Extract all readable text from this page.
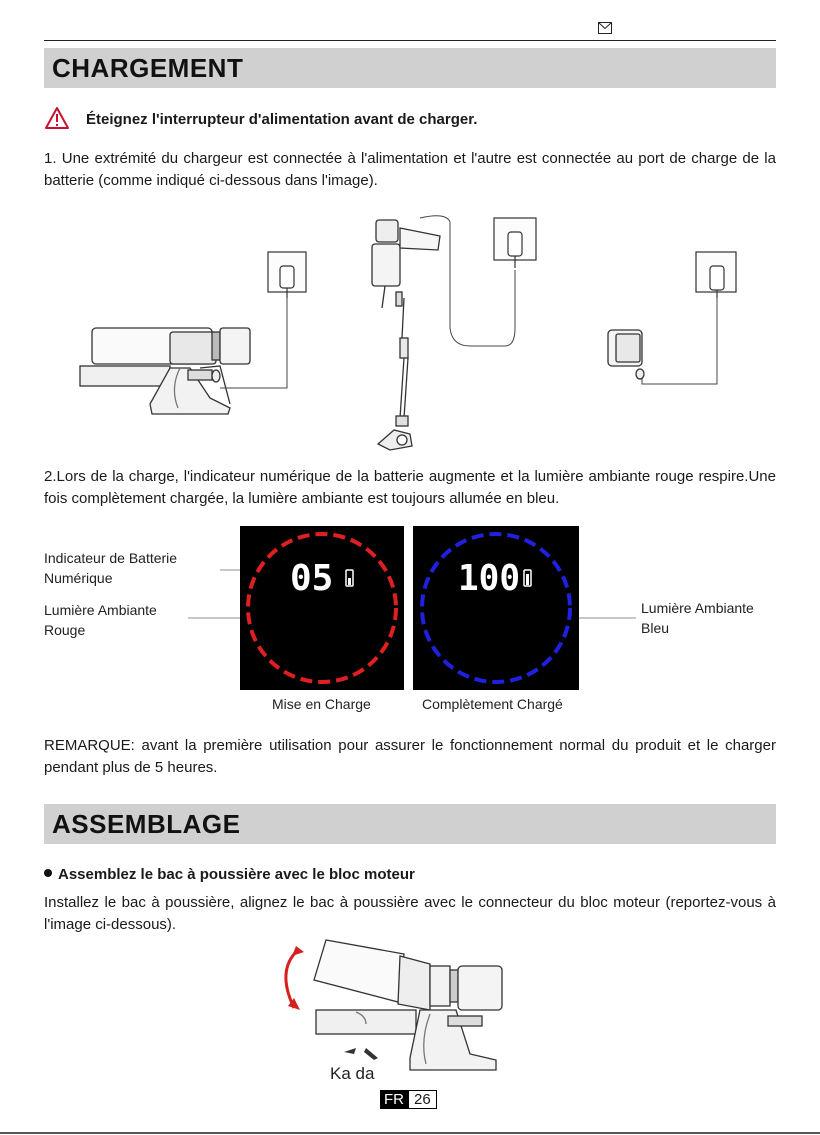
CHARGEMENT
Éteignez l'interrupteur d'alimentation avant de charger.
1. Une extrémité du chargeur est connectée à l'alimentation et l'autre est connectée au port de charge de la batterie (comme indiqué ci-dessous dans l'image).
2.Lors de la charge, l'indicateur numérique de la batterie augmente et la lumière ambiante rouge respire.Une fois complètement chargée, la lumière ambiante est toujours allumée en bleu.
Indicateur de Batterie Numérique
Lumière Ambiante Rouge
Lumière Ambiante Bleu
05	100
Mise en Charge	Complètement Chargé
REMARQUE: avant la première utilisation pour assurer le fonctionnement normal du produit et le charger pendant plus de 5 heures.
ASSEMBLAGE
Assemblez le bac à poussière avec le bloc moteur
Installez le bac à poussière, alignez le bac à poussière avec le connecteur du bloc moteur (reportez-vous à l'image ci-dessous).
Ka da
FR 26
